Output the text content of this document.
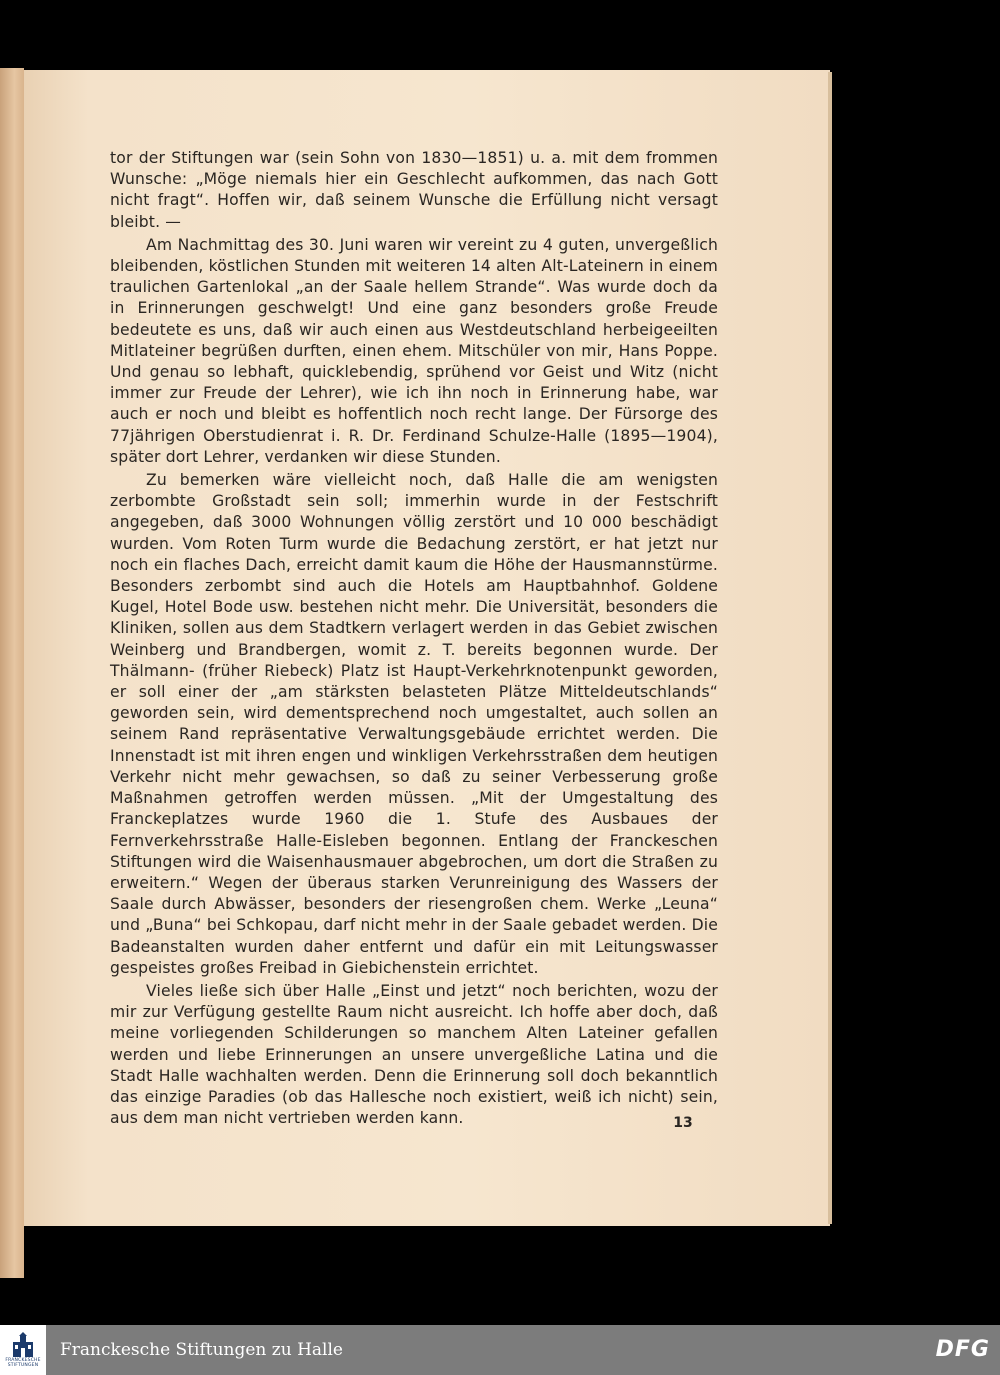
tor der Stiftungen war (sein Sohn von 1830—1851) u. a. mit dem frommen Wunsche: „Möge niemals hier ein Geschlecht aufkommen, das nach Gott nicht fragt“. Hoffen wir, daß seinem Wunsche die Erfüllung nicht versagt bleibt. —

Am Nachmittag des 30. Juni waren wir vereint zu 4 guten, unvergeßlich bleibenden, köstlichen Stunden mit weiteren 14 alten Alt-Lateinern in einem traulichen Gartenlokal „an der Saale hellem Strande“. Was wurde doch da in Erinnerungen geschwelgt! Und eine ganz besonders große Freude bedeutete es uns, daß wir auch einen aus Westdeutschland herbeigeeilten Mitlateiner begrüßen durften, einen ehem. Mitschüler von mir, Hans Poppe. Und genau so lebhaft, quicklebendig, sprühend vor Geist und Witz (nicht immer zur Freude der Lehrer), wie ich ihn noch in Erinnerung habe, war auch er noch und bleibt es hoffentlich noch recht lange. Der Fürsorge des 77jährigen Oberstudienrat i. R. Dr. Ferdinand Schulze-Halle (1895—1904), später dort Lehrer, verdanken wir diese Stunden.

Zu bemerken wäre vielleicht noch, daß Halle die am wenigsten zerbombte Großstadt sein soll; immerhin wurde in der Festschrift angegeben, daß 3000 Wohnungen völlig zerstört und 10 000 beschädigt wurden. Vom Roten Turm wurde die Bedachung zerstört, er hat jetzt nur noch ein flaches Dach, erreicht damit kaum die Höhe der Hausmannstürme. Besonders zerbombt sind auch die Hotels am Hauptbahnhof. Goldene Kugel, Hotel Bode usw. bestehen nicht mehr. Die Universität, besonders die Kliniken, sollen aus dem Stadtkern verlagert werden in das Gebiet zwischen Weinberg und Brandbergen, womit z. T. bereits begonnen wurde. Der Thälmann- (früher Riebeck) Platz ist Haupt-Verkehrknotenpunkt geworden, er soll einer der „am stärksten belasteten Plätze Mitteldeutschlands“ geworden sein, wird dementsprechend noch umgestaltet, auch sollen an seinem Rand repräsentative Verwaltungsgebäude errichtet werden. Die Innenstadt ist mit ihren engen und winkligen Verkehrsstraßen dem heutigen Verkehr nicht mehr gewachsen, so daß zu seiner Verbesserung große Maßnahmen getroffen werden müssen. „Mit der Umgestaltung des Franckeplatzes wurde 1960 die 1. Stufe des Ausbaues der Fernverkehrsstraße Halle-Eisleben begonnen. Entlang der Franckeschen Stiftungen wird die Waisenhausmauer abgebrochen, um dort die Straßen zu erweitern.“ Wegen der überaus starken Verunreinigung des Wassers der Saale durch Abwässer, besonders der riesengroßen chem. Werke „Leuna“ und „Buna“ bei Schkopau, darf nicht mehr in der Saale gebadet werden. Die Badeanstalten wurden daher entfernt und dafür ein mit Leitungswasser gespeistes großes Freibad in Giebichenstein errichtet.

Vieles ließe sich über Halle „Einst und jetzt“ noch berichten, wozu der mir zur Verfügung gestellte Raum nicht ausreicht. Ich hoffe aber doch, daß meine vorliegenden Schilderungen so manchem Alten Lateiner gefallen werden und liebe Erinnerungen an unsere unvergeßliche Latina und die Stadt Halle wachhalten werden. Denn die Erinnerung soll doch bekanntlich das einzige Paradies (ob das Hallesche noch existiert, weiß ich nicht) sein, aus dem man nicht vertrieben werden kann.	13
FRANCKESCHE
STIFTUNGEN
Franckesche Stiftungen zu Halle	DFG
